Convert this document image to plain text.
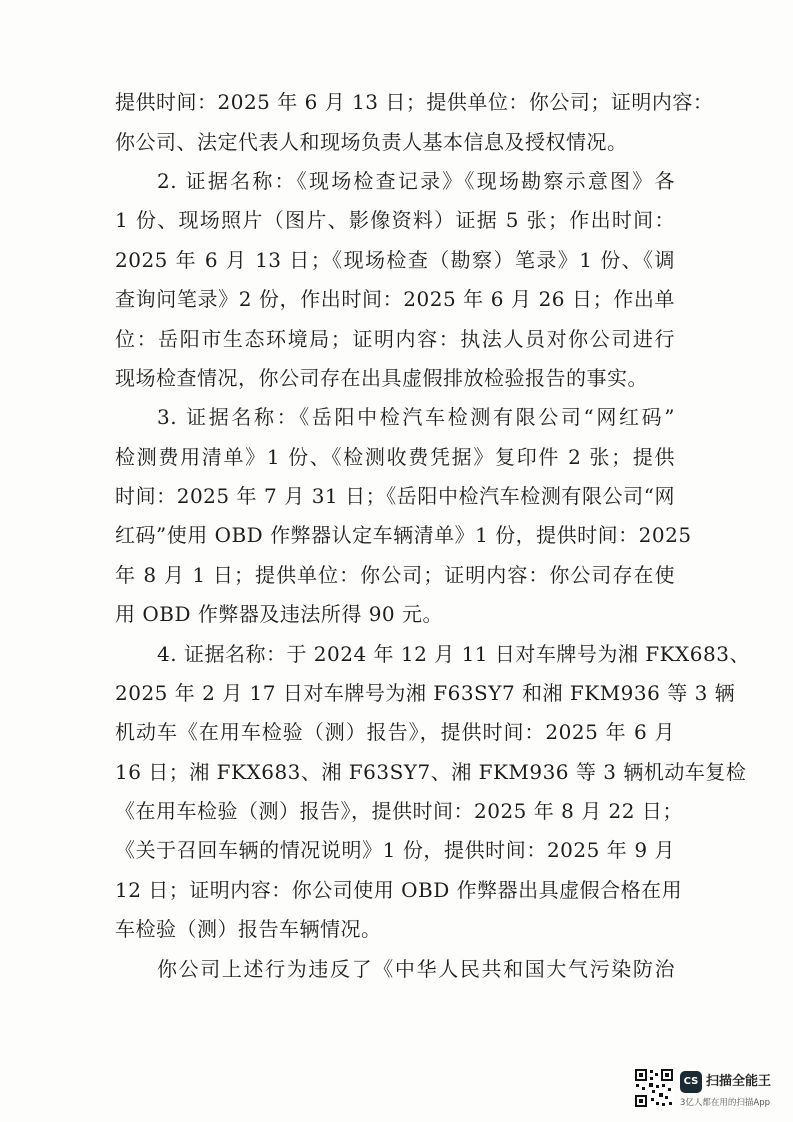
提供时间：2025 年 6 月 13 日；提供单位：你公司；证明内容：
你公司、法定代表人和现场负责人基本信息及授权情况。
2. 证据名称：《现场检查记录》《现场勘察示意图》各
1 份、现场照片（图片、影像资料）证据 5 张；作出时间：
2025 年 6 月 13 日；《现场检查（勘察）笔录》1 份、《调
查询问笔录》2 份，作出时间：2025 年 6 月 26 日；作出单
位：岳阳市生态环境局；证明内容：执法人员对你公司进行
现场检查情况，你公司存在出具虚假排放检验报告的事实。
3. 证据名称：《岳阳中检汽车检测有限公司“网红码”
检测费用清单》1 份、《检测收费凭据》复印件 2 张；提供
时间：2025 年 7 月 31 日；《岳阳中检汽车检测有限公司“网
红码”使用 OBD 作弊器认定车辆清单》1 份，提供时间：2025
年 8 月 1 日；提供单位：你公司；证明内容：你公司存在使
用 OBD 作弊器及违法所得 90 元。
4. 证据名称：于 2024 年 12 月 11 日对车牌号为湘 FKX683、
2025 年 2 月 17 日对车牌号为湘 F63SY7 和湘 FKM936 等 3 辆
机动车《在用车检验（测）报告》，提供时间：2025 年 6 月
16 日；湘 FKX683、湘 F63SY7、湘 FKM936 等 3 辆机动车复检
《在用车检验（测）报告》，提供时间：2025 年 8 月 22 日；
《关于召回车辆的情况说明》1 份，提供时间：2025 年 9 月
12 日；证明内容：你公司使用 OBD 作弊器出具虚假合格在用
车检验（测）报告车辆情况。
你公司上述行为违反了《中华人民共和国大气污染防治
CS 扫描全能王
3亿人都在用的扫描App
